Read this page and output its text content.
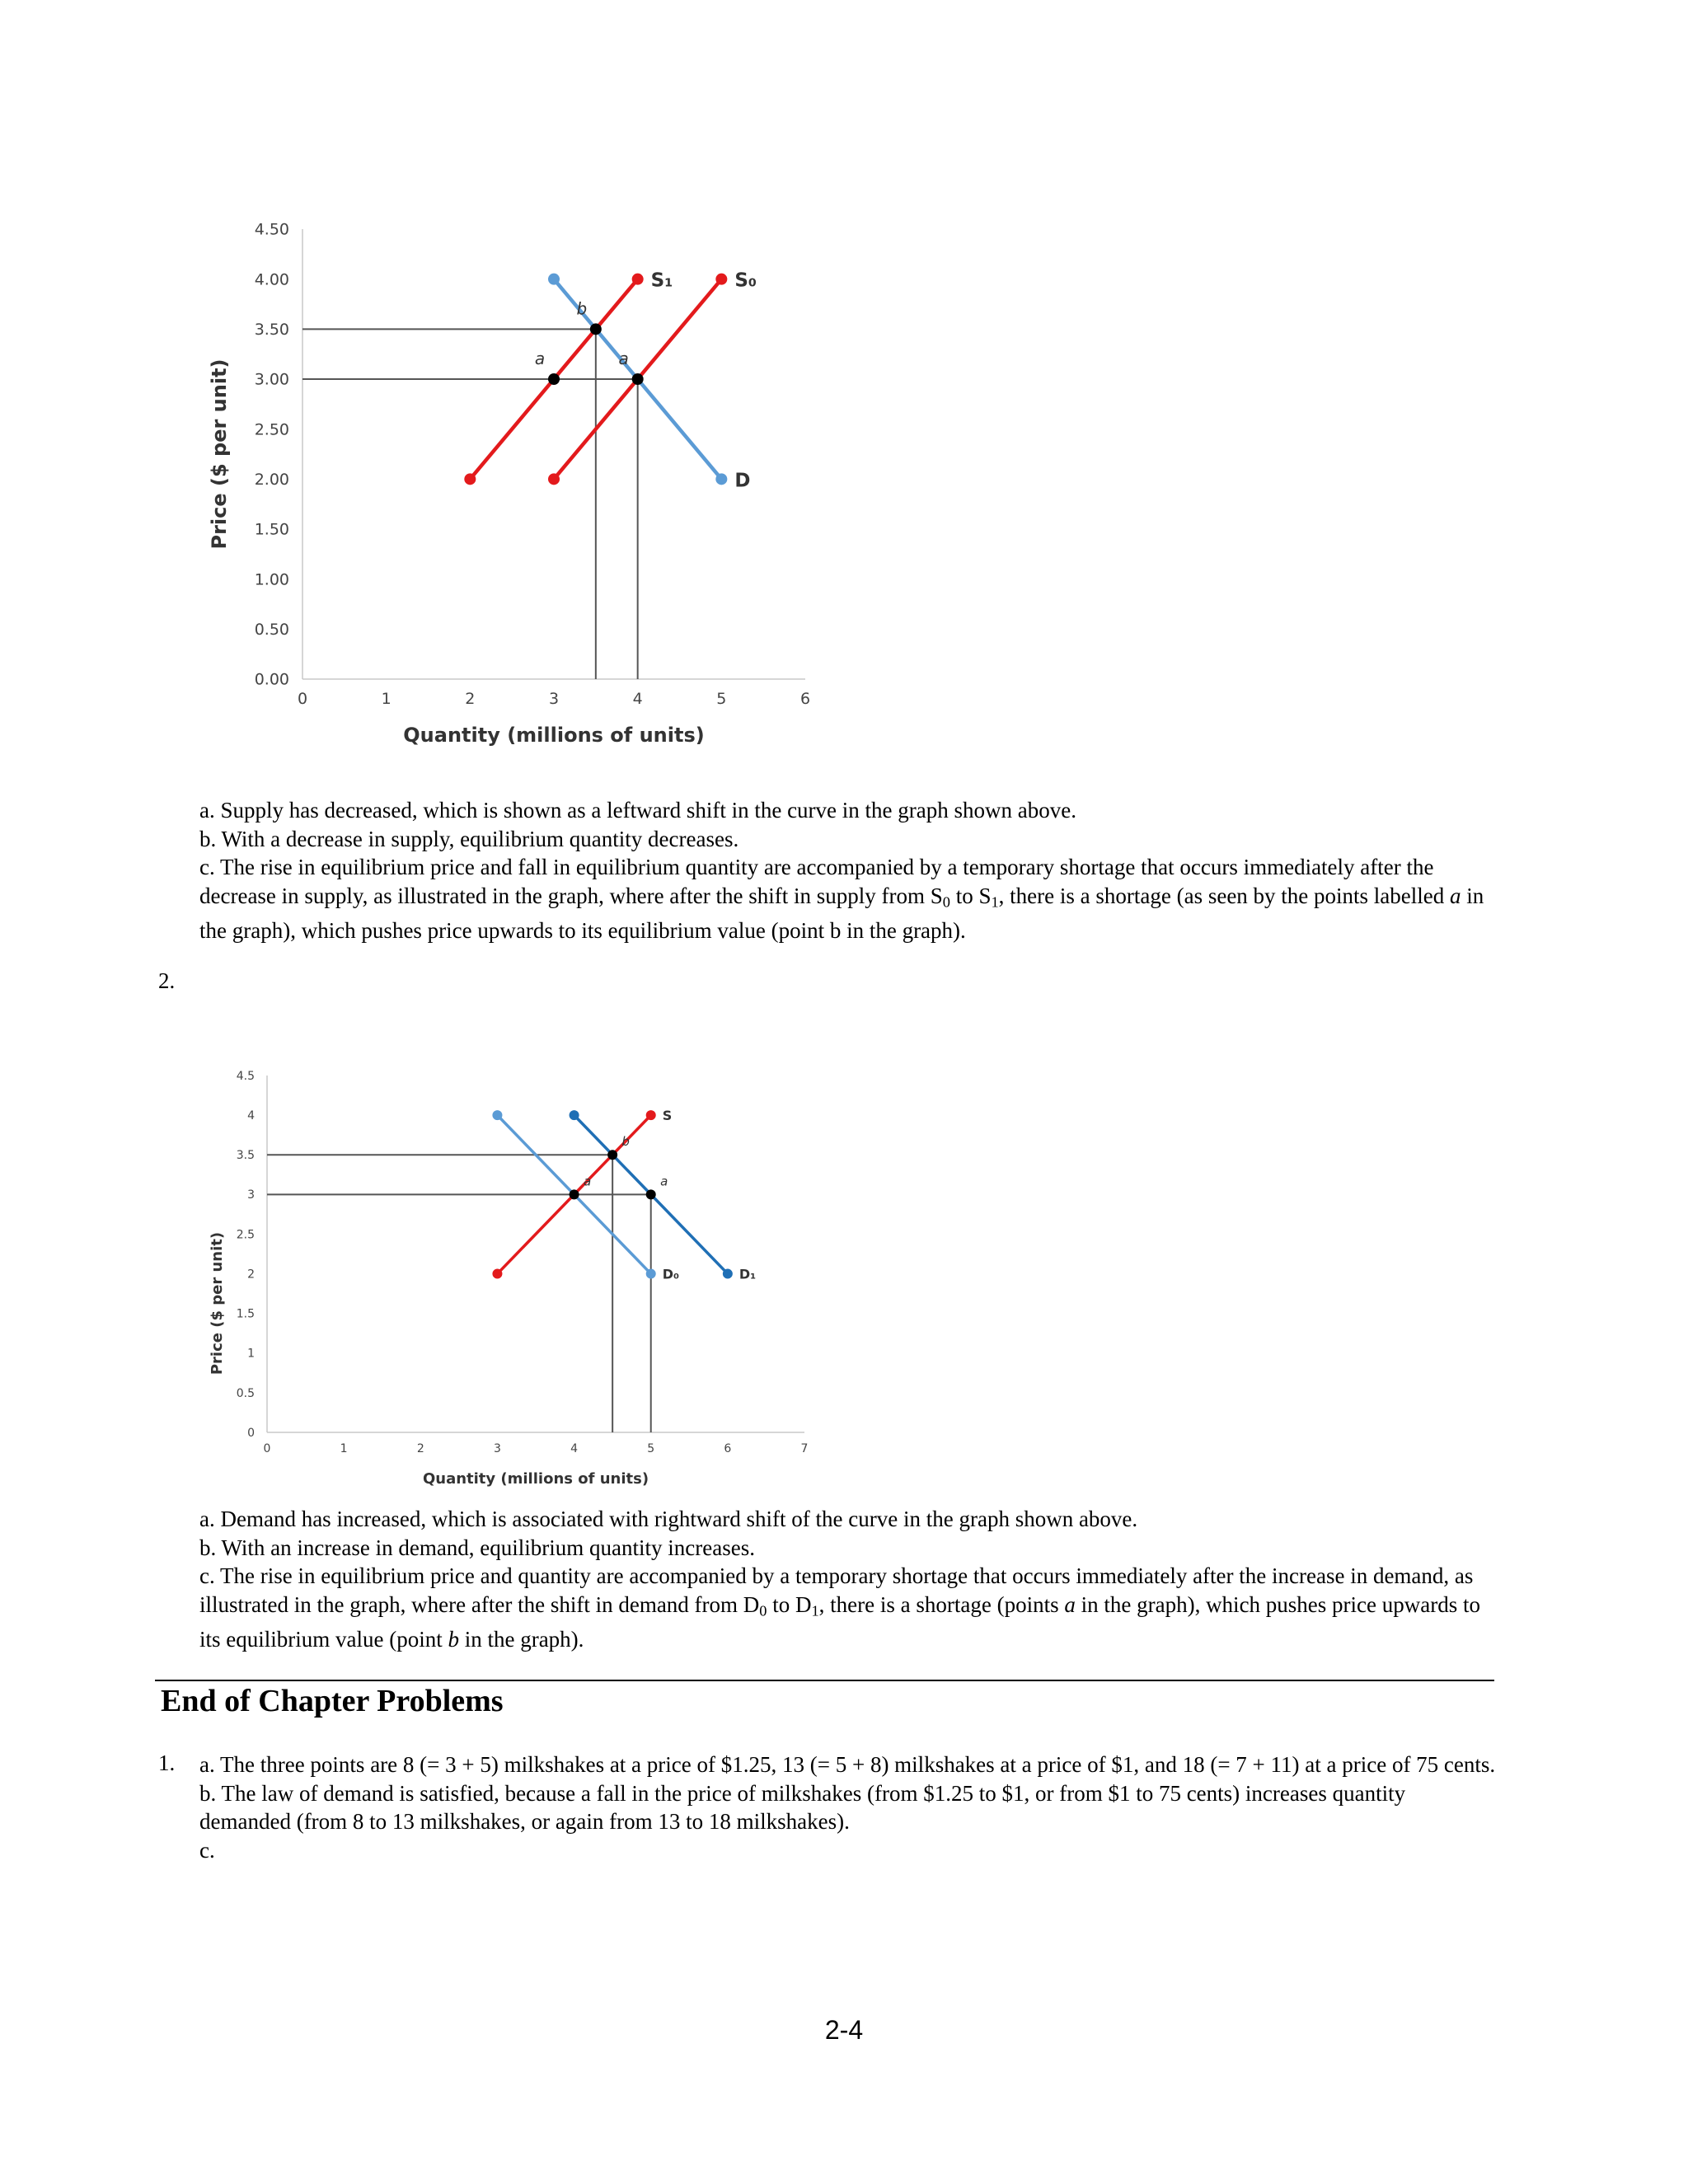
0.00
0.50
1.00
1.50
2.00
2.50
3.00
3.50
4.00
4.50
0	1	2	3	4	5	6
Quantity (millions of units)
Price ($ per unit)	D
S₀
S₁
a	a
b

a. Supply has decreased, which is shown as a leftward shift in the curve in the graph shown above.

b. With a decrease in supply, equilibrium quantity decreases.

c. The rise in equilibrium price and fall in equilibrium quantity are accompanied by a temporary shortage that occurs immediately after the decrease in supply, as illustrated in the graph, where after the shift in supply from $S_0$ to $S_1$, there is a shortage (as seen by the points labelled a in the graph), which pushes price upwards to its equilibrium value (point b in the graph).

2.
0
0.5
1
1.5
2
2.5
3
3.5
4
4.5
0	1	2	3	4	5	6	7
Quantity (millions of units)
Price ($ per unit)
S
D₀	D₁
a	a
b

a. Demand has increased, which is associated with rightward shift of the curve in the graph shown above.

b. With an increase in demand, equilibrium quantity increases.

c. The rise in equilibrium price and quantity are accompanied by a temporary shortage that occurs immediately after the increase in demand, as illustrated in the graph, where after the shift in demand from $D_0$ to $D_1$, there is a shortage (points a in the graph), which pushes price upwards to its equilibrium value (point b in the graph).

End of Chapter Problems
1. a. The three points are 8 (= 3 + 5) milkshakes at a price of $1.25, 13 (= 5 + 8) milkshakes at a price of $1, and 18 (= 7 + 11) at a price of 75 cents.

b. The law of demand is satisfied, because a fall in the price of milkshakes (from $1.25 to $1, or from $1 to 75 cents) increases quantity demanded (from 8 to 13 milkshakes, or again from 13 to 18 milkshakes).

c.

2-4
